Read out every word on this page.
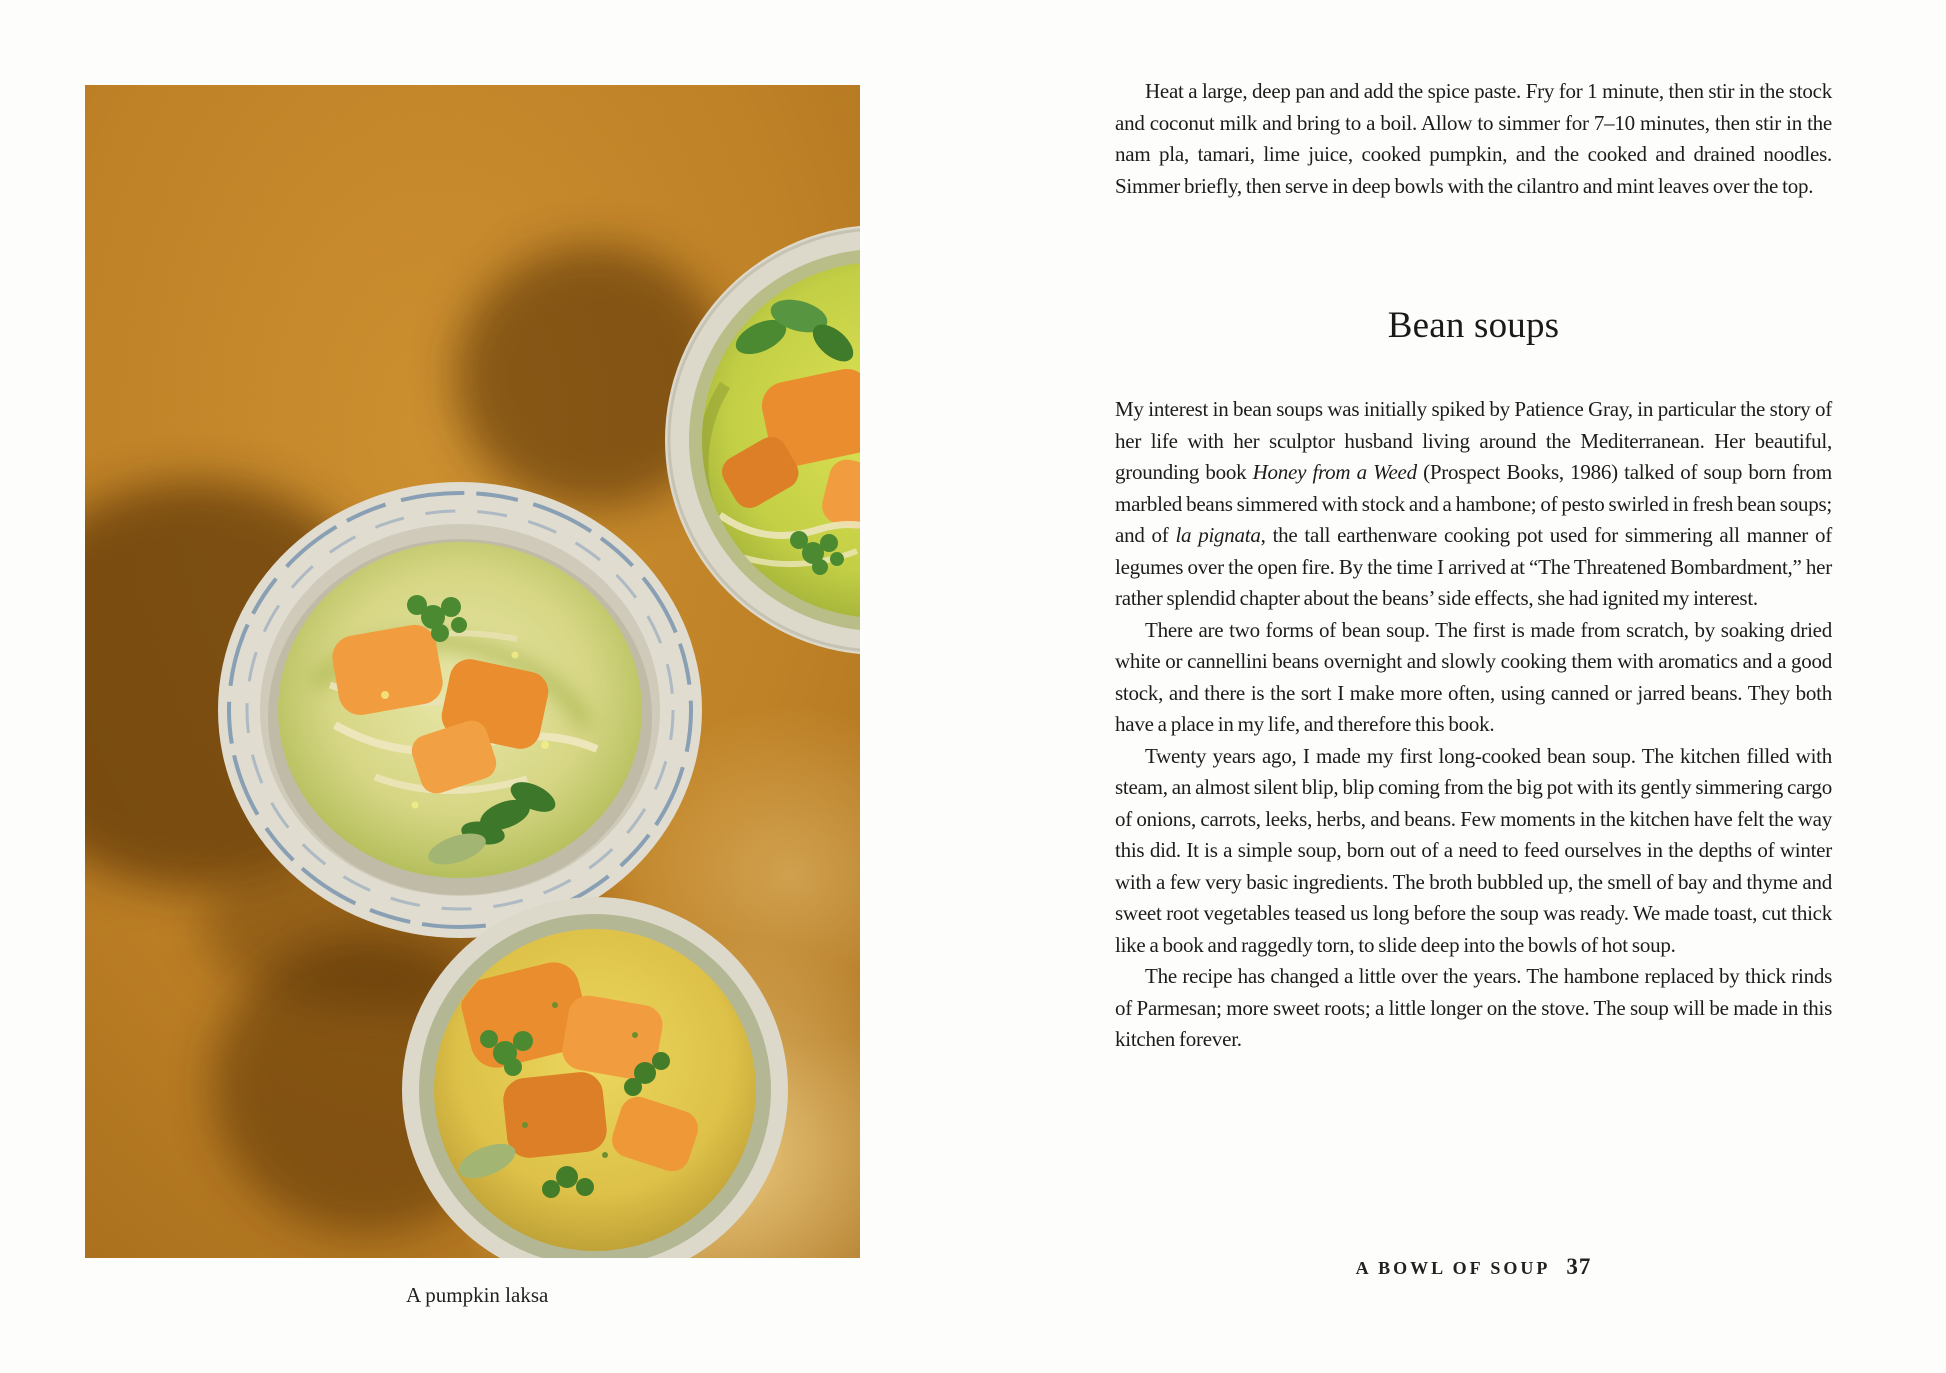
A pumpkin laksa

Heat a large, deep pan and add the spice paste. Fry for 1 minute, then stir in the stock and coconut milk and bring to a boil. Allow to simmer for 7–10 minutes, then stir in the nam pla, tamari, lime juice, cooked pumpkin, and the cooked and drained noodles. Simmer briefly, then serve in deep bowls with the cilantro and mint leaves over the top.

Bean soups

My interest in bean soups was initially spiked by Patience Gray, in particular the story of her life with her sculptor husband living around the Mediterranean. Her beautiful, grounding book Honey from a Weed (Prospect Books, 1986) talked of soup born from marbled beans simmered with stock and a hambone; of pesto swirled in fresh bean soups; and of la pignata, the tall earthenware cooking pot used for simmering all manner of legumes over the open fire. By the time I arrived at “The Threatened Bombardment,” her rather splendid chapter about the beans’ side effects, she had ignited my interest.

There are two forms of bean soup. The first is made from scratch, by soaking dried white or cannellini beans overnight and slowly cooking them with aromatics and a good stock, and there is the sort I make more often, using canned or jarred beans. They both have a place in my life, and therefore this book.

Twenty years ago, I made my first long-cooked bean soup. The kitchen filled with steam, an almost silent blip, blip coming from the big pot with its gently simmering cargo of onions, carrots, leeks, herbs, and beans. Few moments in the kitchen have felt the way this did. It is a simple soup, born out of a need to feed ourselves in the depths of winter with a few very basic ingredients. The broth bubbled up, the smell of bay and thyme and sweet root vegetables teased us long before the soup was ready. We made toast, cut thick like a book and raggedly torn, to slide deep into the bowls of hot soup.

The recipe has changed a little over the years. The hambone replaced by thick rinds of Parmesan; more sweet roots; a little longer on the stove. The soup will be made in this kitchen forever.

A BOWL OF SOUP 37
